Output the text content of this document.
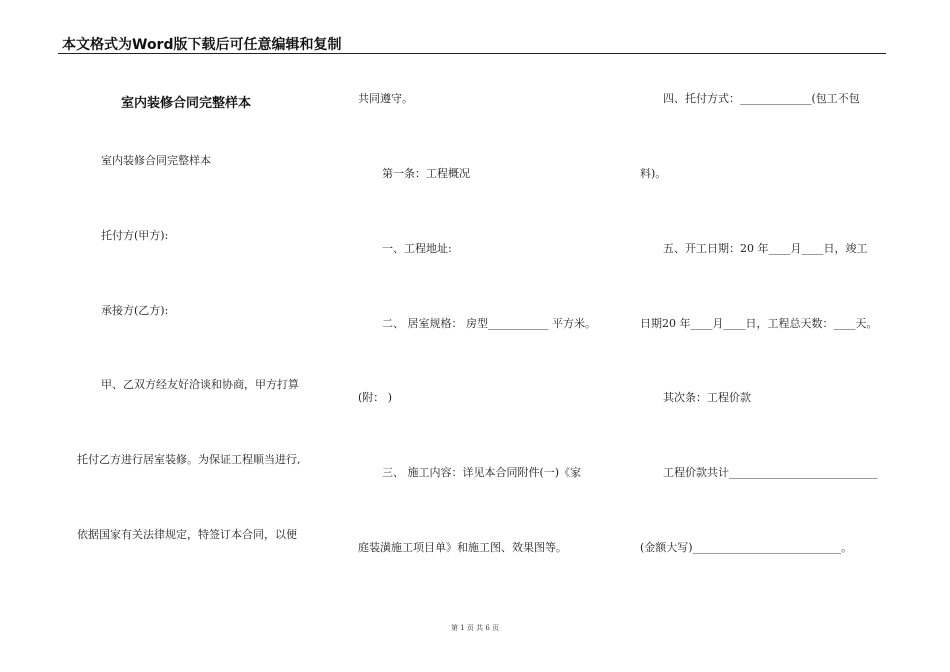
本文格式为Word版下载后可任意编辑和复制
室内装修合同完整样本
室内装修合同完整样本
托付方(甲方):
承接方(乙方):
甲、乙双方经友好洽谈和协商，甲方打算
托付乙方进行居室装修。为保证工程顺当进行,
依据国家有关法律规定，特签订本合同，以便
共同遵守。
第一条：工程概况
一、工程地址:
二、 居室规格： 房型___________ 平方米。
(附： )
三、 施工内容：详见本合同附件(一)《家
庭装潢施工项目单》和施工图、效果图等。
四、托付方式：_____________(包工不包
料)。
五、开工日期：20 年____月____日，竣工
日期20 年____月____日，工程总天数：____天。
其次条：工程价款
工程价款共计___________________________
(金额大写)___________________________。
第 1 页 共 6 页
